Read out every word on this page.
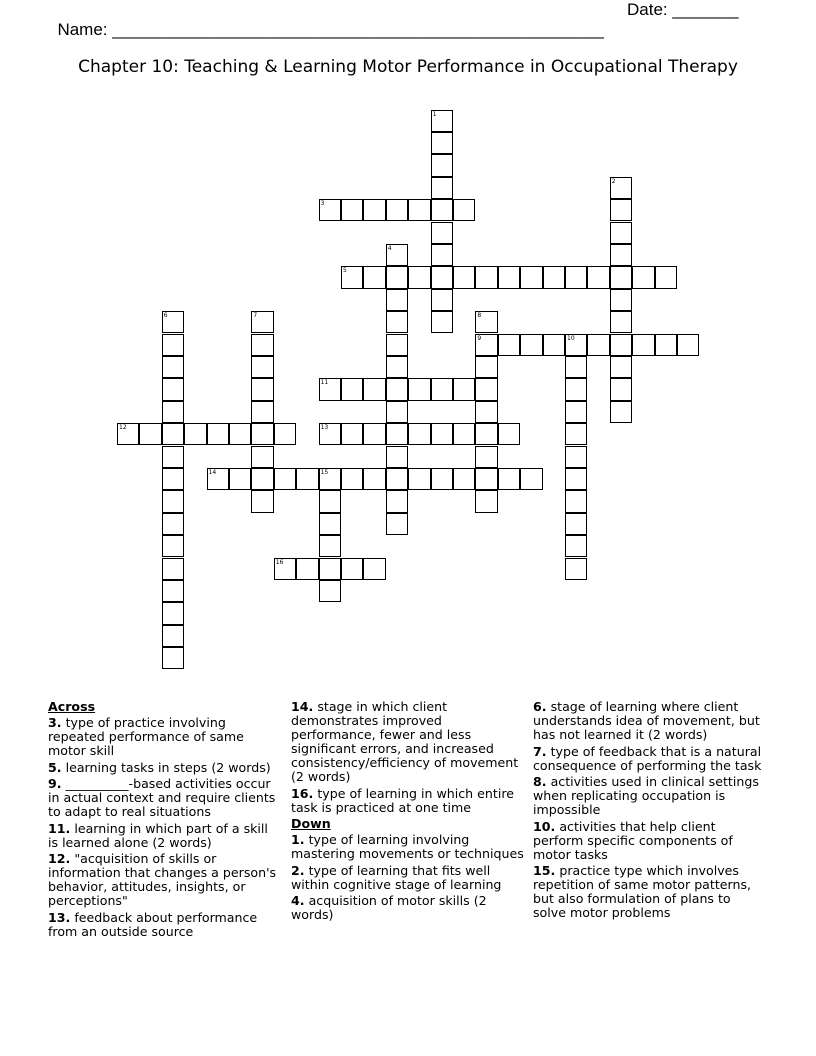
Name: ____________________________________________________

Date: _______

Chapter 10: Teaching & Learning Motor Performance in Occupational Therapy
1
2
3
4
5
6	7	8
9	10
11
12	13
14	15
16
Across
3. type of practice involving repeated performance of same motor skill
5. learning tasks in steps (2 words)
9. __________-based activities occur in actual context and require clients to adapt to real situations
11. learning in which part of a skill is learned alone (2 words)
12. "acquisition of skills or information that changes a person's behavior, attitudes, insights, or perceptions"
13. feedback about performance from an outside source
14. stage in which client demonstrates improved performance, fewer and less significant errors, and increased consistency/efficiency of movement (2 words)
16. type of learning in which entire task is practiced at one time
Down
1. type of learning involving mastering movements or techniques
2. type of learning that fits well within cognitive stage of learning
4. acquisition of motor skills (2 words)
6. stage of learning where client understands idea of movement, but has not learned it (2 words)
7. type of feedback that is a natural consequence of performing the task
8. activities used in clinical settings when replicating occupation is impossible
10. activities that help client perform specific components of motor tasks
15. practice type which involves repetition of same motor patterns, but also formulation of plans to solve motor problems
